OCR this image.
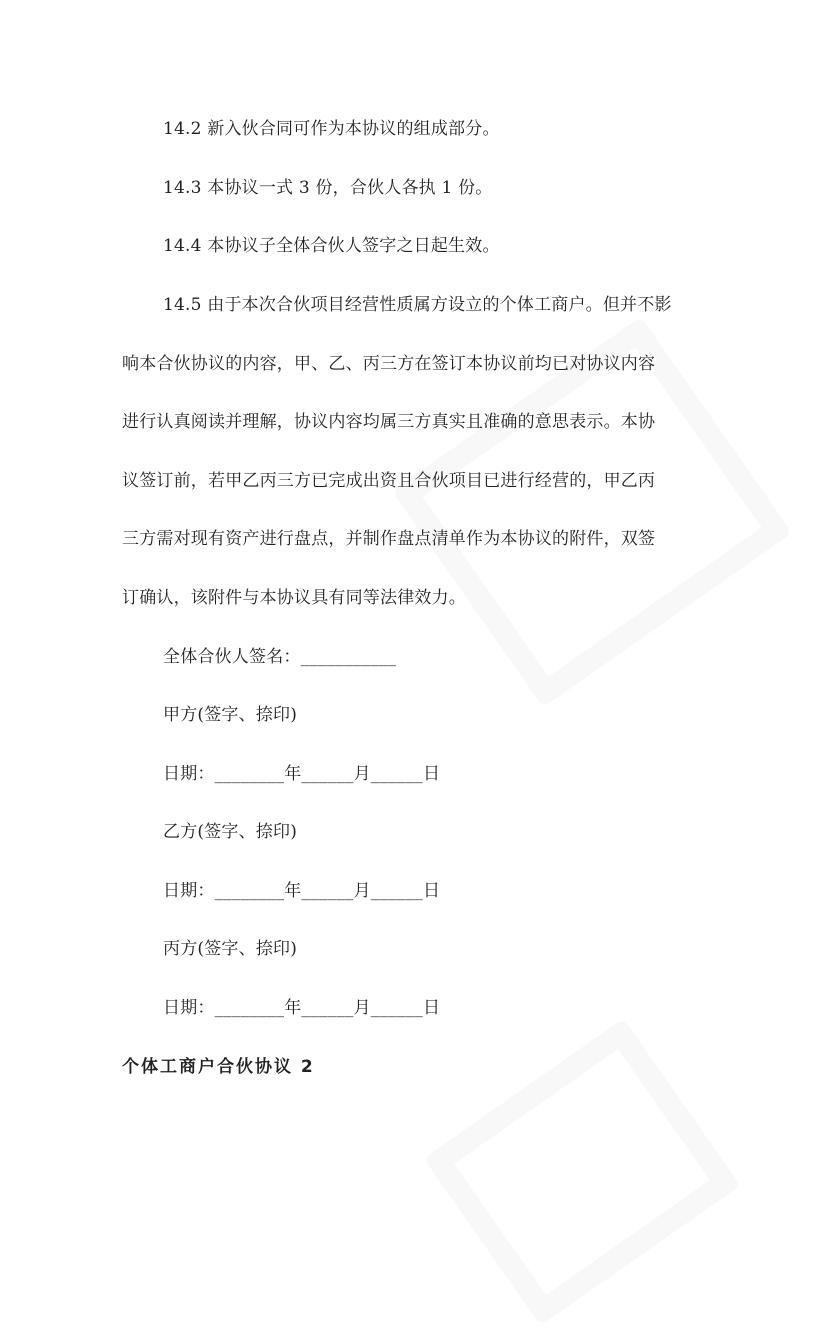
14.2 新入伙合同可作为本协议的组成部分。
14.3 本协议一式 3 份，合伙人各执 1 份。
14.4 本协议子全体合伙人签字之日起生效。
14.5 由于本次合伙项目经营性质属方设立的个体工商户。但并不影
响本合伙协议的内容，甲、乙、丙三方在签订本协议前均已对协议内容
进行认真阅读并理解，协议内容均属三方真实且准确的意思表示。本协
议签订前，若甲乙丙三方已完成出资且合伙项目已进行经营的，甲乙丙
三方需对现有资产进行盘点，并制作盘点清单作为本协议的附件，双签
订确认，该附件与本协议具有同等法律效力。
全体合伙人签名：___________
甲方(签字、捺印)
日期：________年______月______日
乙方(签字、捺印)
日期：________年______月______日
丙方(签字、捺印)
日期：________年______月______日
个体工商户合伙协议 2
